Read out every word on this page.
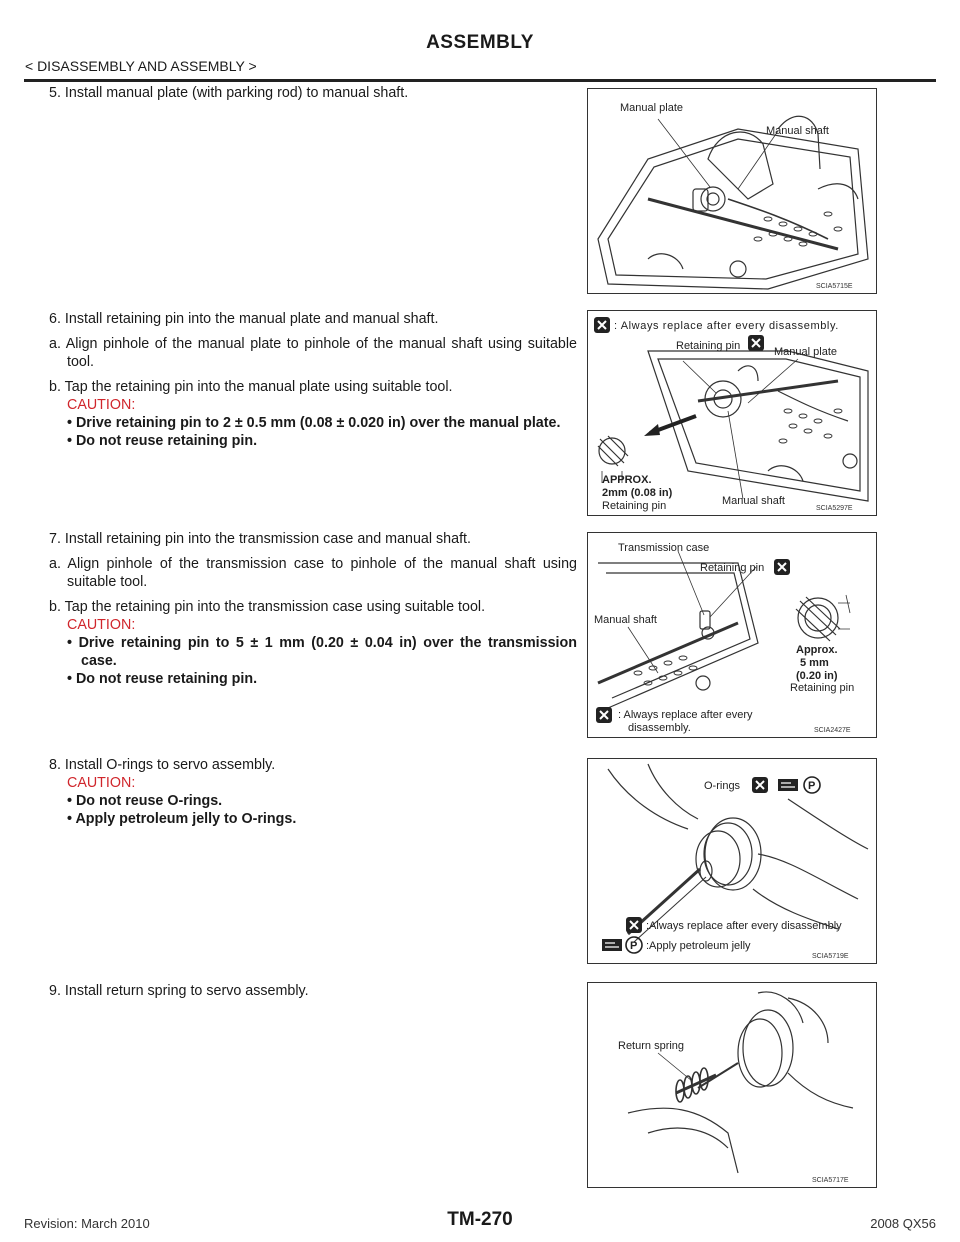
ASSEMBLY
< DISASSEMBLY AND ASSEMBLY >

5. Install manual plate (with parking rod) to manual shaft.

6. Install retaining pin into the manual plate and manual shaft.

a. Align pinhole of the manual plate to pinhole of the manual shaft using suitable tool.

b. Tap the retaining pin into the manual plate using suitable tool.

CAUTION:
• Drive retaining pin to 2 ± 0.5 mm (0.08 ± 0.020 in) over the manual plate.
• Do not reuse retaining pin.

7. Install retaining pin into the transmission case and manual shaft.

a. Align pinhole of the transmission case to pinhole of the manual shaft using suitable tool.

b. Tap the retaining pin into the transmission case using suitable tool.

CAUTION:
• Drive retaining pin to 5 ± 1 mm (0.20 ± 0.04 in) over the transmission case.
• Do not reuse retaining pin.

8. Install O-rings to servo assembly.

CAUTION:
• Do not reuse O-rings.
• Apply petroleum jelly to O-rings.

9. Install return spring to servo assembly.

Manual plate
Manual shaft
SCIA5715E
: Always replace after every disassembly.
Retaining pin	Manual plate
Manual shaft
APPROX.
2mm (0.08 in)
Retaining pin	SCIA5297E
Transmission case
Retaining pin
Manual shaft
Approx.
5 mm
(0.20 in)
Retaining pin
: Always replace after every
disassembly.	SCIA2427E
O-rings	P
:Always replace after every disassembly
P :Apply petroleum jelly
SCIA5719E
Return spring
SCIA5717E
Revision: March 2010	TM-270	2008 QX56
